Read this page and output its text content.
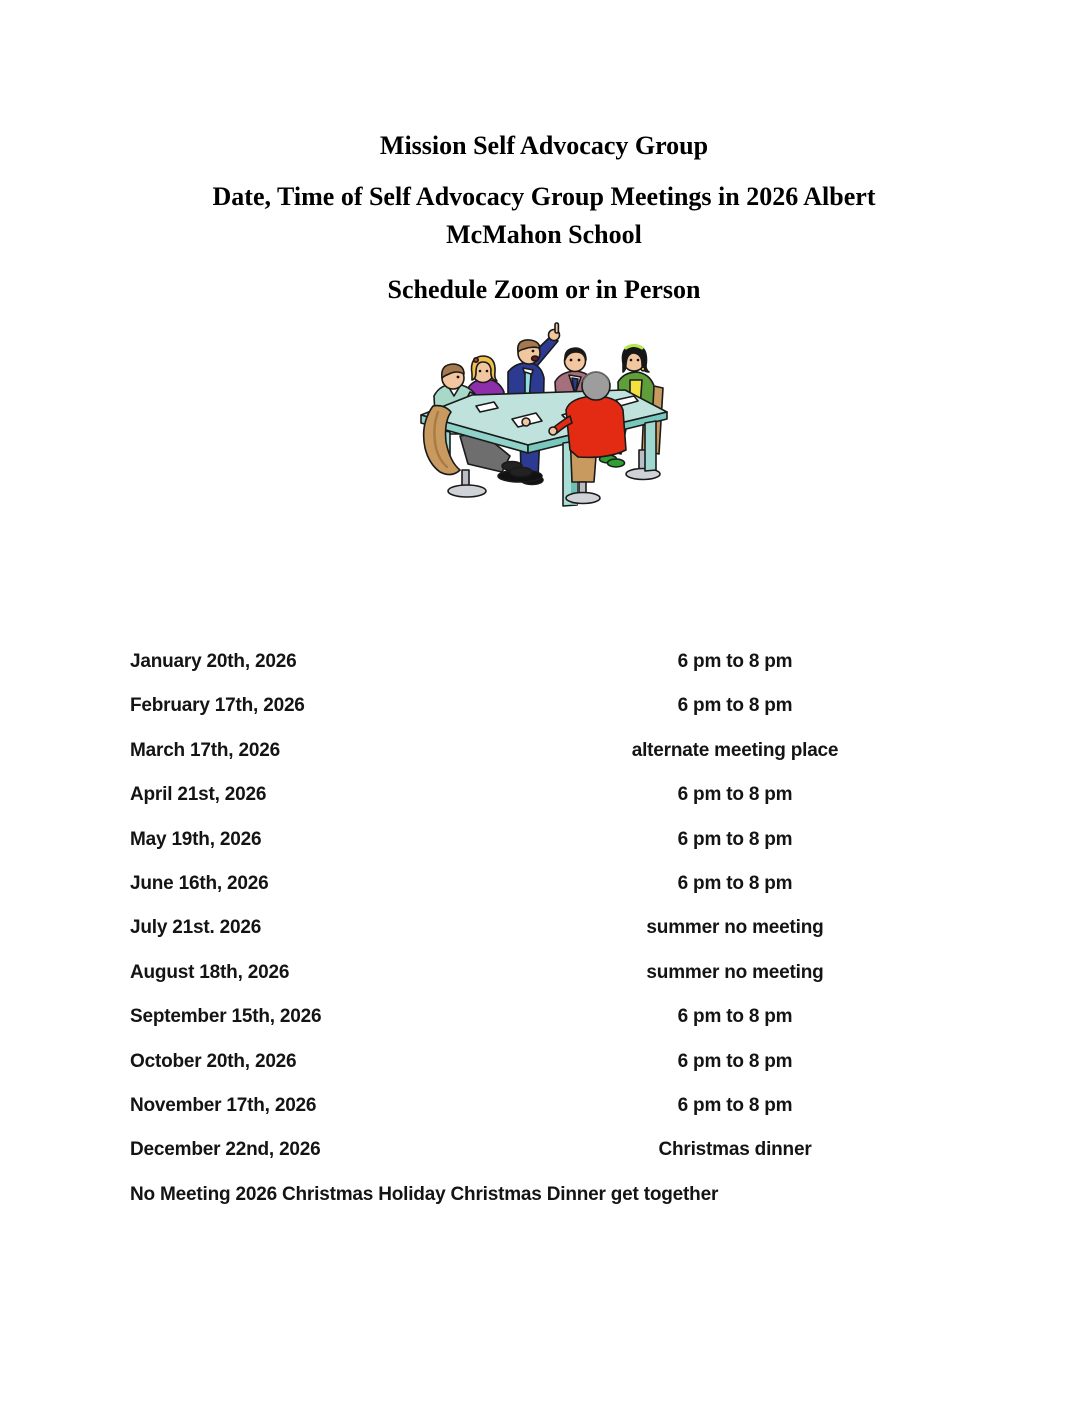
Mission Self Advocacy Group
Date, Time of Self Advocacy Group Meetings in 2026 Albert
McMahon School
Schedule Zoom or in Person
January 20th, 2026	6 pm to 8 pm
February 17th, 2026	6 pm to 8 pm
March 17th, 2026	alternate meeting place
April 21st, 2026	6 pm to 8 pm
May 19th, 2026	6 pm to 8 pm
June 16th, 2026	6 pm to 8 pm
July 21st. 2026	summer no meeting
August 18th, 2026	summer no meeting
September 15th, 2026	6 pm to 8 pm
October 20th, 2026	6 pm to 8 pm
November 17th, 2026	6 pm to 8 pm
December 22nd, 2026	Christmas dinner
No Meeting 2026 Christmas Holiday Christmas Dinner get together
